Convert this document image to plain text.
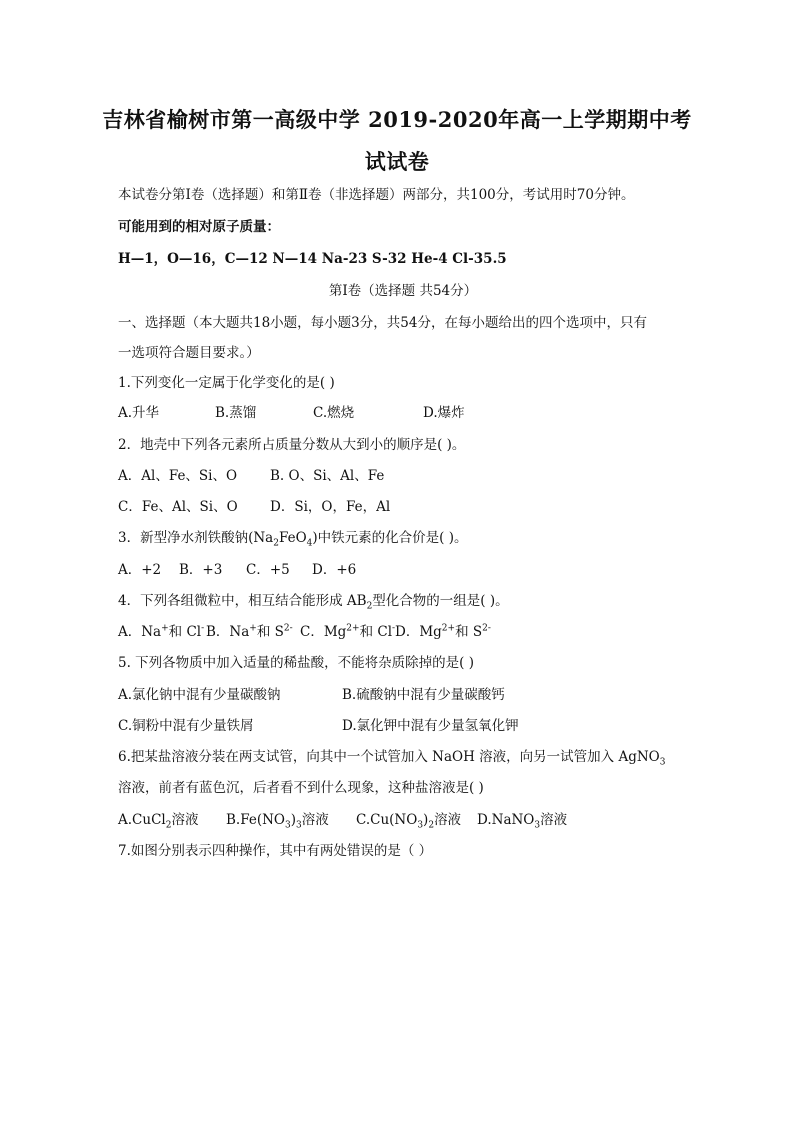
吉林省榆树市第一高级中学 2019-2020年高一上学期期中考
试试卷
本试卷分第Ⅰ卷（选择题）和第Ⅱ卷（非选择题）两部分，共100分，考试用时70分钟。
可能用到的相对原子质量：
H—1，O—16，C—12 N—14 Na-23 S-32 He-4 Cl-35.5
第Ⅰ卷（选择题 共54分）
一、选择题（本大题共18小题，每小题3分，共54分，在每小题给出的四个选项中，只有
一选项符合题目要求。）
1.下列变化一定属于化学变化的是( )
A.升华	B.蒸馏	C.燃烧	D.爆炸
2．地壳中下列各元素所占质量分数从大到小的顺序是( )。
A．Al、Fe、Si、O B. O、Si、Al、Fe
C．Fe、Al、Si、O D．Si，O，Fe，Al
3．新型净水剂铁酸钠$(Na_2FeO_4)$中铁元素的化合价是( )。
A．+2 B．+3 C．+5 D．+6
4．下列各组微粒中，相互结合能形成 $AB_2$型化合物的一组是( )。
A．Na+和 Cl- B．Na+和 $S^{2-}$ C．$Mg^{2+}$和 Cl- D．$Mg^{2+}$和 $S^{2-}$
5. 下列各物质中加入适量的稀盐酸，不能将杂质除掉的是( )
A.氯化钠中混有少量碳酸钠	B.硫酸钠中混有少量碳酸钙
C.铜粉中混有少量铁屑	D.氯化钾中混有少量氢氧化钾
6.把某盐溶液分装在两支试管，向其中一个试管加入 NaOH 溶液，向另一试管加入 AgNO$_3$
溶液，前者有蓝色沉，后者看不到什么现象，这种盐溶液是( )
A.CuCl$_2$溶液 $B.Fe(NO_3)_3$溶液 $C.Cu(NO_3)_2$溶液 D.NaNO$_3$溶液
7.如图分别表示四种操作，其中有两处错误的是（ ）
